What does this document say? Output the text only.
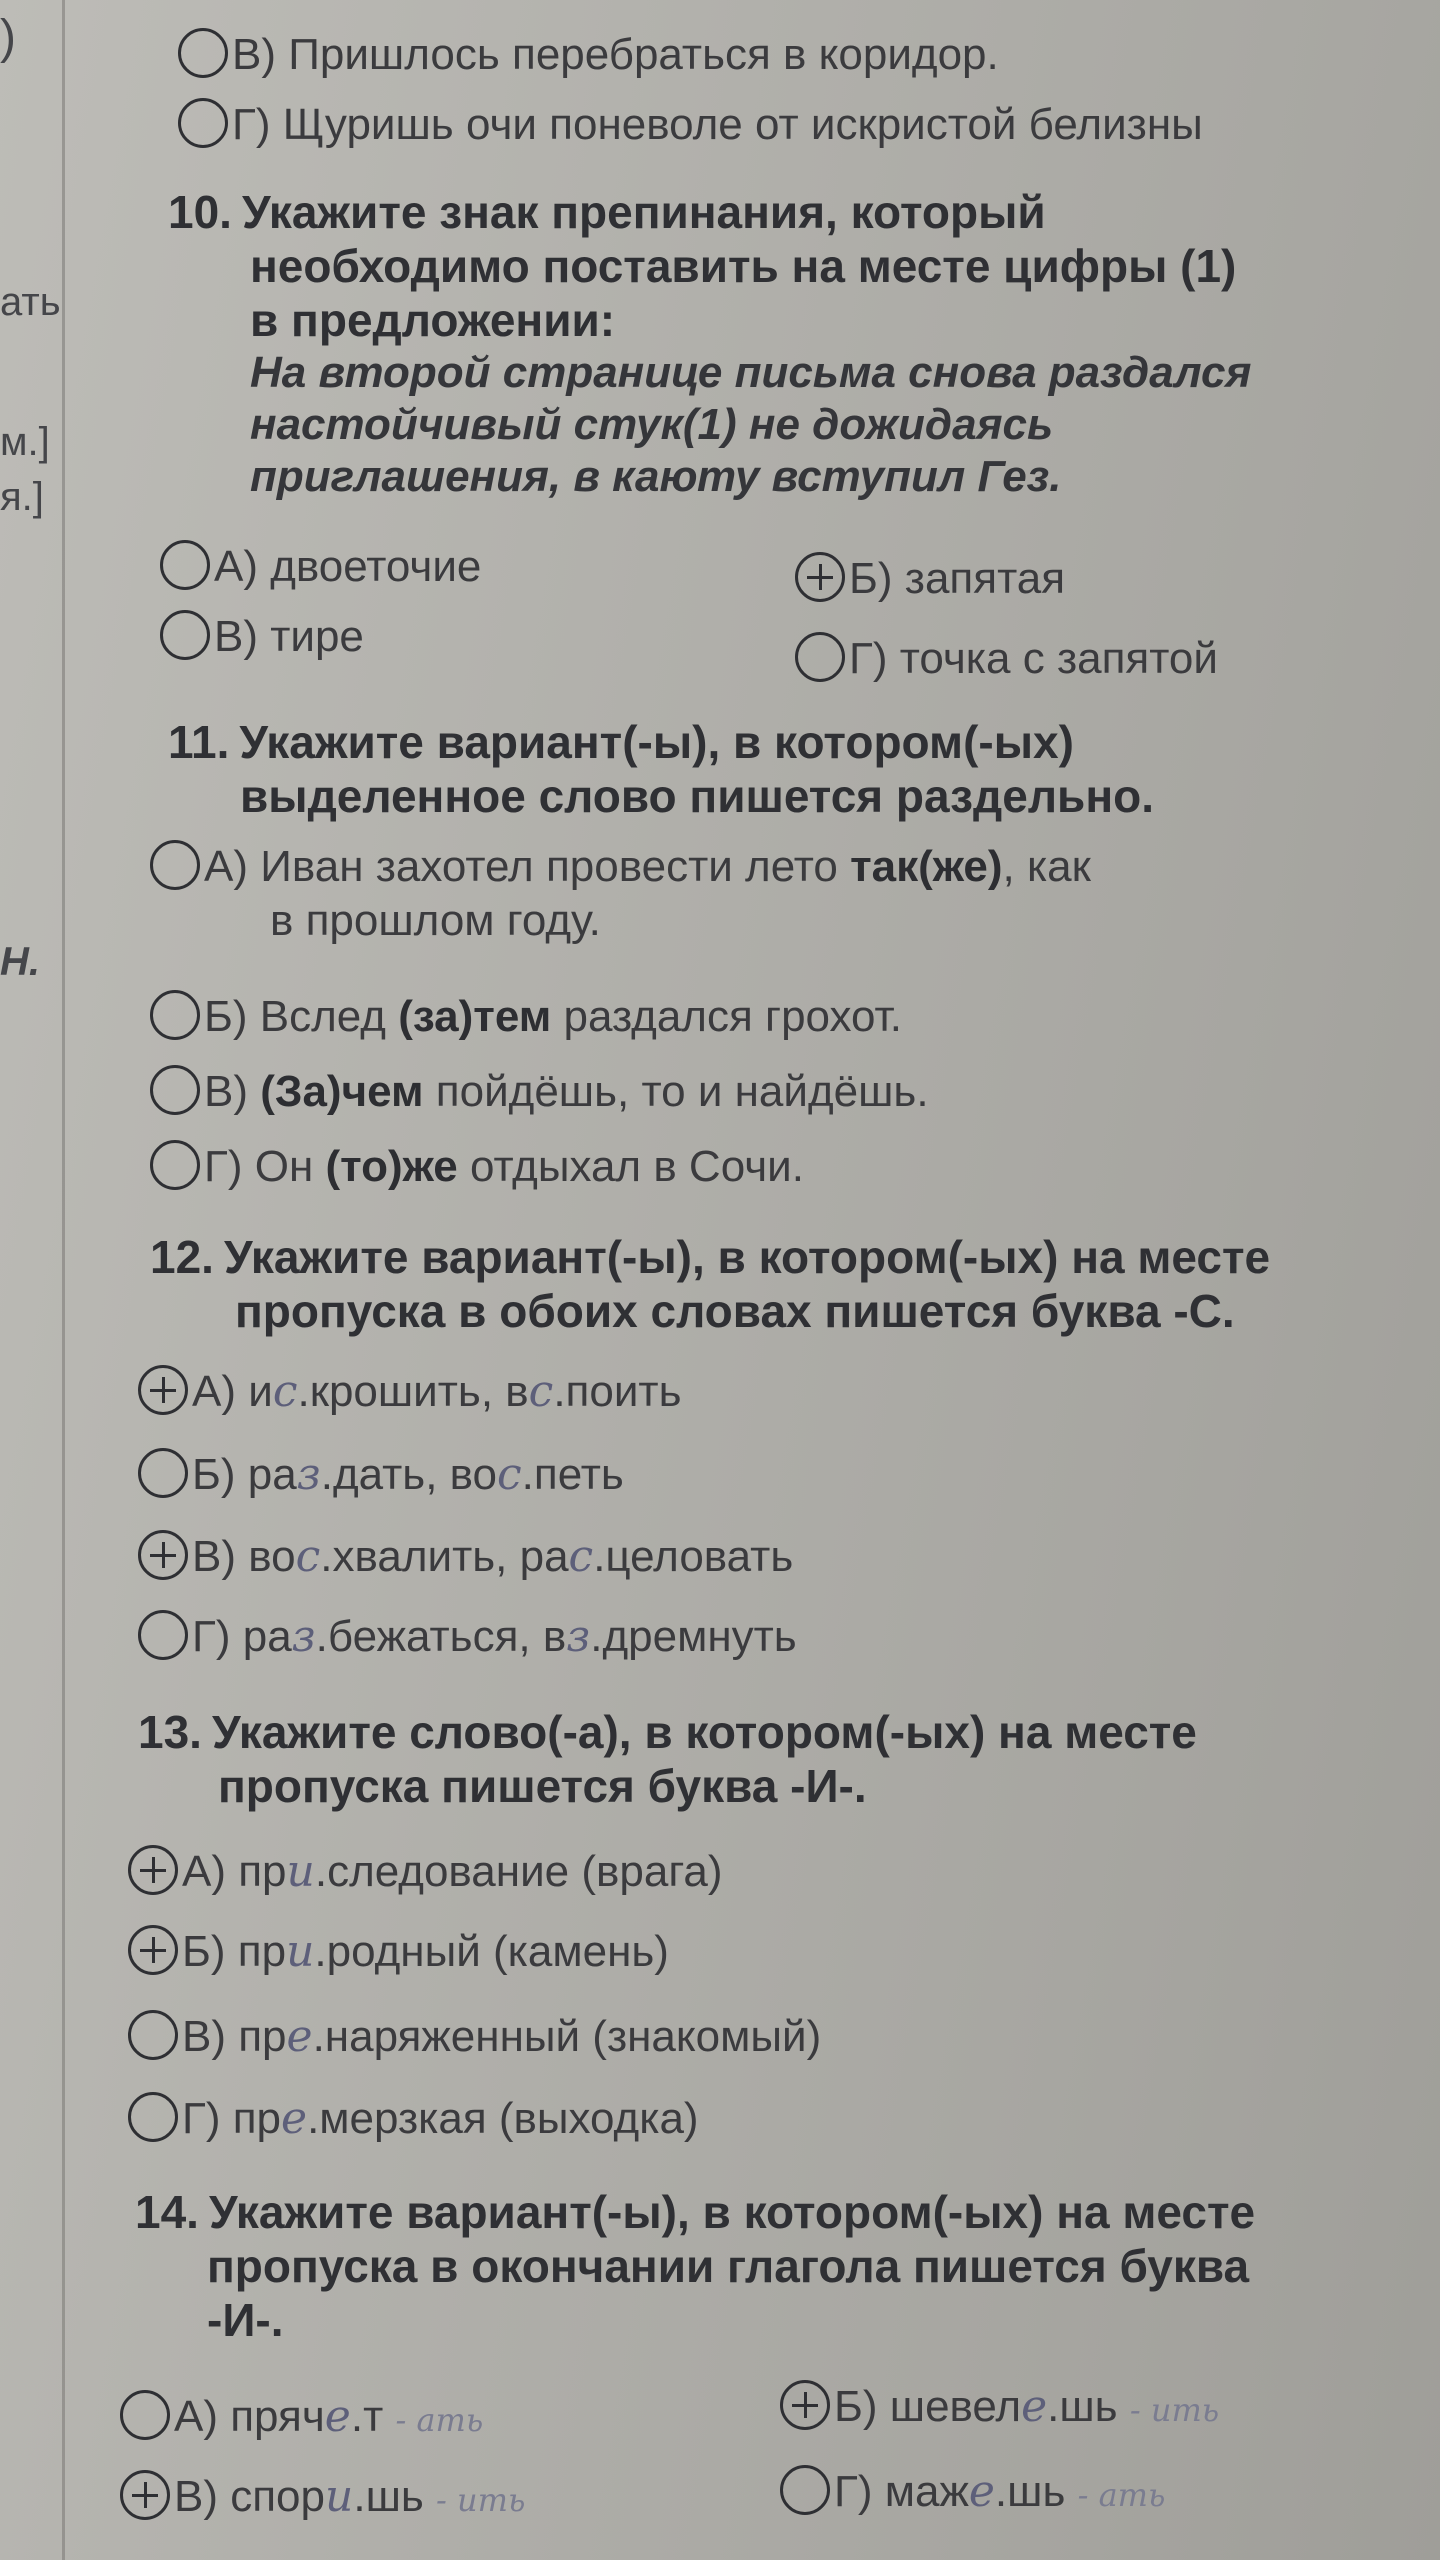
)
ать
м.]
я.]
Н.
В) Пришлось перебраться в коридор.
Г) Щуришь очи поневоле от искристой белизны
10. Укажите знак препинания, который
необходимо поставить на месте цифры (1)
в предложении:
На второй странице письма снова раздался
настойчивый стук(1) не дожидаясь
приглашения, в каюту вступил Гез.
А) двоеточие	Б) запятая
В) тире	Г) точка с запятой
11. Укажите вариант(-ы), в котором(-ых)
выделенное слово пишется раздельно.
А) Иван захотел провести лето так(же), как
в прошлом году.
Б) Вслед (за)тем раздался грохот.
В) (За)чем пойдёшь, то и найдёшь.
Г) Он (то)же отдыхал в Сочи.
12. Укажите вариант(-ы), в котором(-ых) на месте
пропуска в обоих словах пишется буква -С.
А) ис.крошить, вс.поить
Б) раз.дать, вос.петь
В) вос.хвалить, рас.целовать
Г) раз.бежаться, вз.дремнуть
13. Укажите слово(-а), в котором(-ых) на месте
пропуска пишется буква -И-.
А) при.следование (врага)
Б) при.родный (камень)
В) пре.наряженный (знакомый)
Г) пре.мерзкая (выходка)
14. Укажите вариант(-ы), в котором(-ых) на месте
пропуска в окончании глагола пишется буква
-И-.
А) пряче.т - ать	Б) шевеле.шь - ить
В) спори.шь - ить	Г) маже.шь - ать
